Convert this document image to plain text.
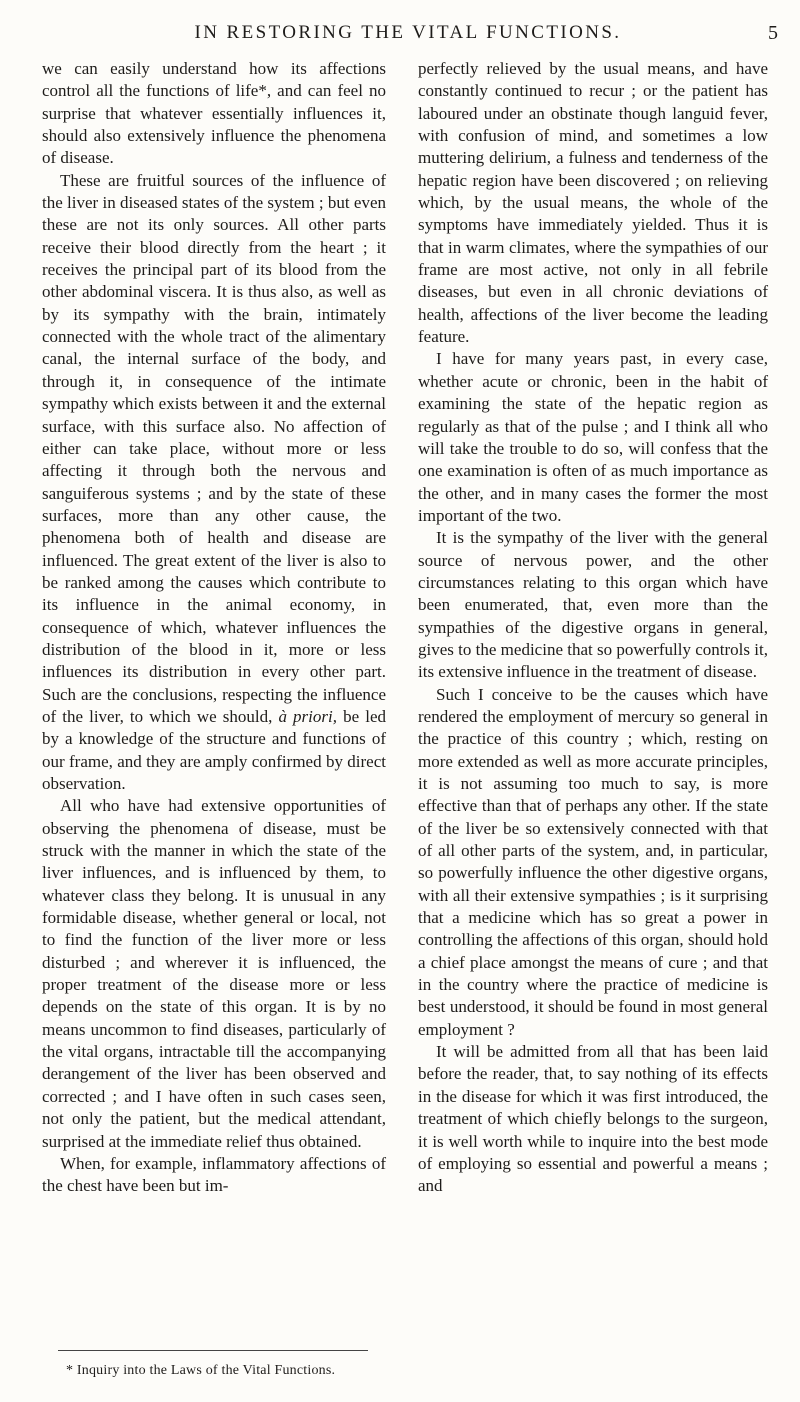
IN RESTORING THE VITAL FUNCTIONS.	5

we can easily understand how its affections control all the functions of life*, and can feel no surprise that whatever essentially influences it, should also extensively influence the phenomena of disease.

These are fruitful sources of the influence of the liver in diseased states of the system ; but even these are not its only sources. All other parts receive their blood directly from the heart ; it receives the principal part of its blood from the other abdominal viscera. It is thus also, as well as by its sympathy with the brain, intimately connected with the whole tract of the alimentary canal, the internal surface of the body, and through it, in consequence of the intimate sympathy which exists between it and the external surface, with this surface also. No affection of either can take place, without more or less affecting it through both the nervous and sanguiferous systems ; and by the state of these surfaces, more than any other cause, the phenomena both of health and disease are influenced. The great extent of the liver is also to be ranked among the causes which contribute to its influence in the animal economy, in consequence of which, whatever influences the distribution of the blood in it, more or less influences its distribution in every other part. Such are the conclusions, respecting the influence of the liver, to which we should, à priori, be led by a knowledge of the structure and functions of our frame, and they are amply confirmed by direct observation.

All who have had extensive opportunities of observing the phenomena of disease, must be struck with the manner in which the state of the liver influences, and is influenced by them, to whatever class they belong. It is unusual in any formidable disease, whether general or local, not to find the function of the liver more or less disturbed ; and wherever it is influenced, the proper treatment of the disease more or less depends on the state of this organ. It is by no means uncommon to find diseases, particularly of the vital organs, intractable till the accompanying derangement of the liver has been observed and corrected ; and I have often in such cases seen, not only the patient, but the medical attendant, surprised at the immediate relief thus obtained.

When, for example, inflammatory affections of the chest have been but im-

perfectly relieved by the usual means, and have constantly continued to recur ; or the patient has laboured under an obstinate though languid fever, with confusion of mind, and sometimes a low muttering delirium, a fulness and tenderness of the hepatic region have been discovered ; on relieving which, by the usual means, the whole of the symptoms have immediately yielded. Thus it is that in warm climates, where the sympathies of our frame are most active, not only in all febrile diseases, but even in all chronic deviations of health, affections of the liver become the leading feature.

I have for many years past, in every case, whether acute or chronic, been in the habit of examining the state of the hepatic region as regularly as that of the pulse ; and I think all who will take the trouble to do so, will confess that the one examination is often of as much importance as the other, and in many cases the former the most important of the two.

It is the sympathy of the liver with the general source of nervous power, and the other circumstances relating to this organ which have been enumerated, that, even more than the sympathies of the digestive organs in general, gives to the medicine that so powerfully controls it, its extensive influence in the treatment of disease.

Such I conceive to be the causes which have rendered the employment of mercury so general in the practice of this country ; which, resting on more extended as well as more accurate principles, it is not assuming too much to say, is more effective than that of perhaps any other. If the state of the liver be so extensively connected with that of all other parts of the system, and, in particular, so powerfully influence the other digestive organs, with all their extensive sympathies ; is it surprising that a medicine which has so great a power in controlling the affections of this organ, should hold a chief place amongst the means of cure ; and that in the country where the practice of medicine is best understood, it should be found in most general employment ?

It will be admitted from all that has been laid before the reader, that, to say nothing of its effects in the disease for which it was first introduced, the treatment of which chiefly belongs to the surgeon, it is well worth while to inquire into the best mode of employing so essential and powerful a means ; and

* Inquiry into the Laws of the Vital Functions.
